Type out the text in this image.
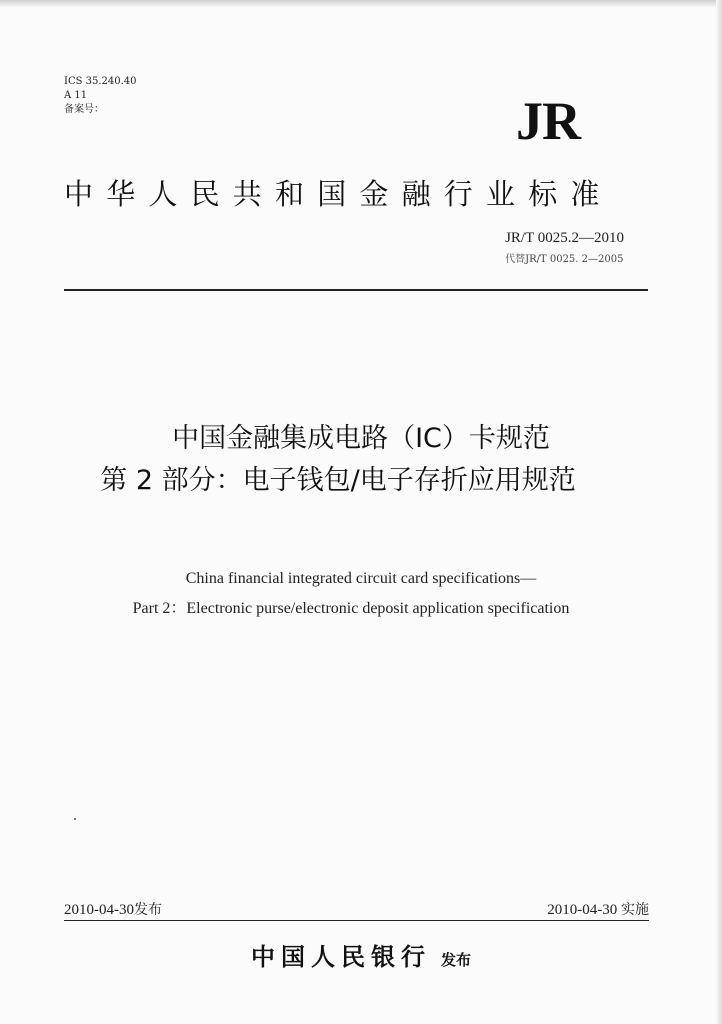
ICS 35.240.40
A 11
备案号：	JR
中华人民共和国金融行业标准
JR/T 0025.2—2010
代替JR/T 0025. 2—2005
中国金融集成电路（IC）卡规范
第 2 部分：电子钱包/电子存折应用规范
China financial integrated circuit card specifications—
Part 2：Electronic purse/electronic deposit application specification
2010-04-30发布	2010-04-30 实施
中国人民银行 发布
